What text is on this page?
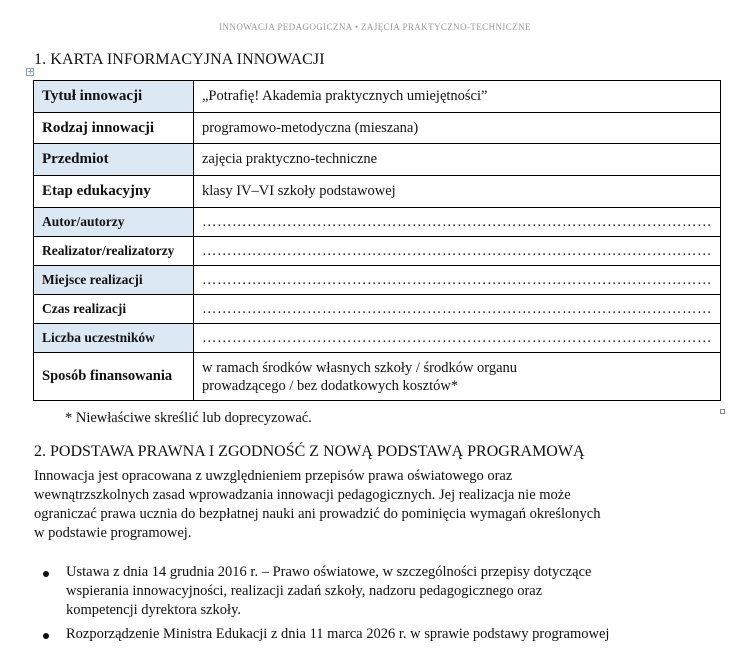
INNOWACJA PEDAGOGICZNA • ZAJĘCIA PRAKTYCZNO-TECHNICZNE
1. KARTA INFORMACYJNA INNOWACJI
+
Tytuł innowacji	„Potrafię! Akademia praktycznych umiejętności”
Rodzaj innowacji	programowo-metodyczna (mieszana)
Przedmiot	zajęcia praktyczno-techniczne
Etap edukacyjny	klasy IV–VI szkoły podstawowej
Autor/autorzy	…………………………………………………………………………………………

Realizator/realizatorzy	…………………………………………………………………………………………

Miejsce realizacji	…………………………………………………………………………………………

Czas realizacji	…………………………………………………………………………………………

Liczba uczestników	…………………………………………………………………………………………

Sposób finansowania	w ramach środków własnych szkoły / środków organu
prowadzącego / bez dodatkowych kosztów*
* Niewłaściwe skreślić lub doprecyzować.
2. PODSTAWA PRAWNA I ZGODNOŚĆ Z NOWĄ PODSTAWĄ PROGRAMOWĄ
Innowacja jest opracowana z uwzględnieniem przepisów prawa oświatowego oraz
wewnątrzszkolnych zasad wprowadzania innowacji pedagogicznych. Jej realizacja nie może
ograniczać prawa ucznia do bezpłatnej nauki ani prowadzić do pominięcia wymagań określonych
w podstawie programowej.
Ustawa z dnia 14 grudnia 2016 r. – Prawo oświatowe, w szczególności przepisy dotyczące
wspierania innowacyjności, realizacji zadań szkoły, nadzoru pedagogicznego oraz
kompetencji dyrektora szkoły.
Rozporządzenie Ministra Edukacji z dnia 11 marca 2026 r. w sprawie podstawy programowej
